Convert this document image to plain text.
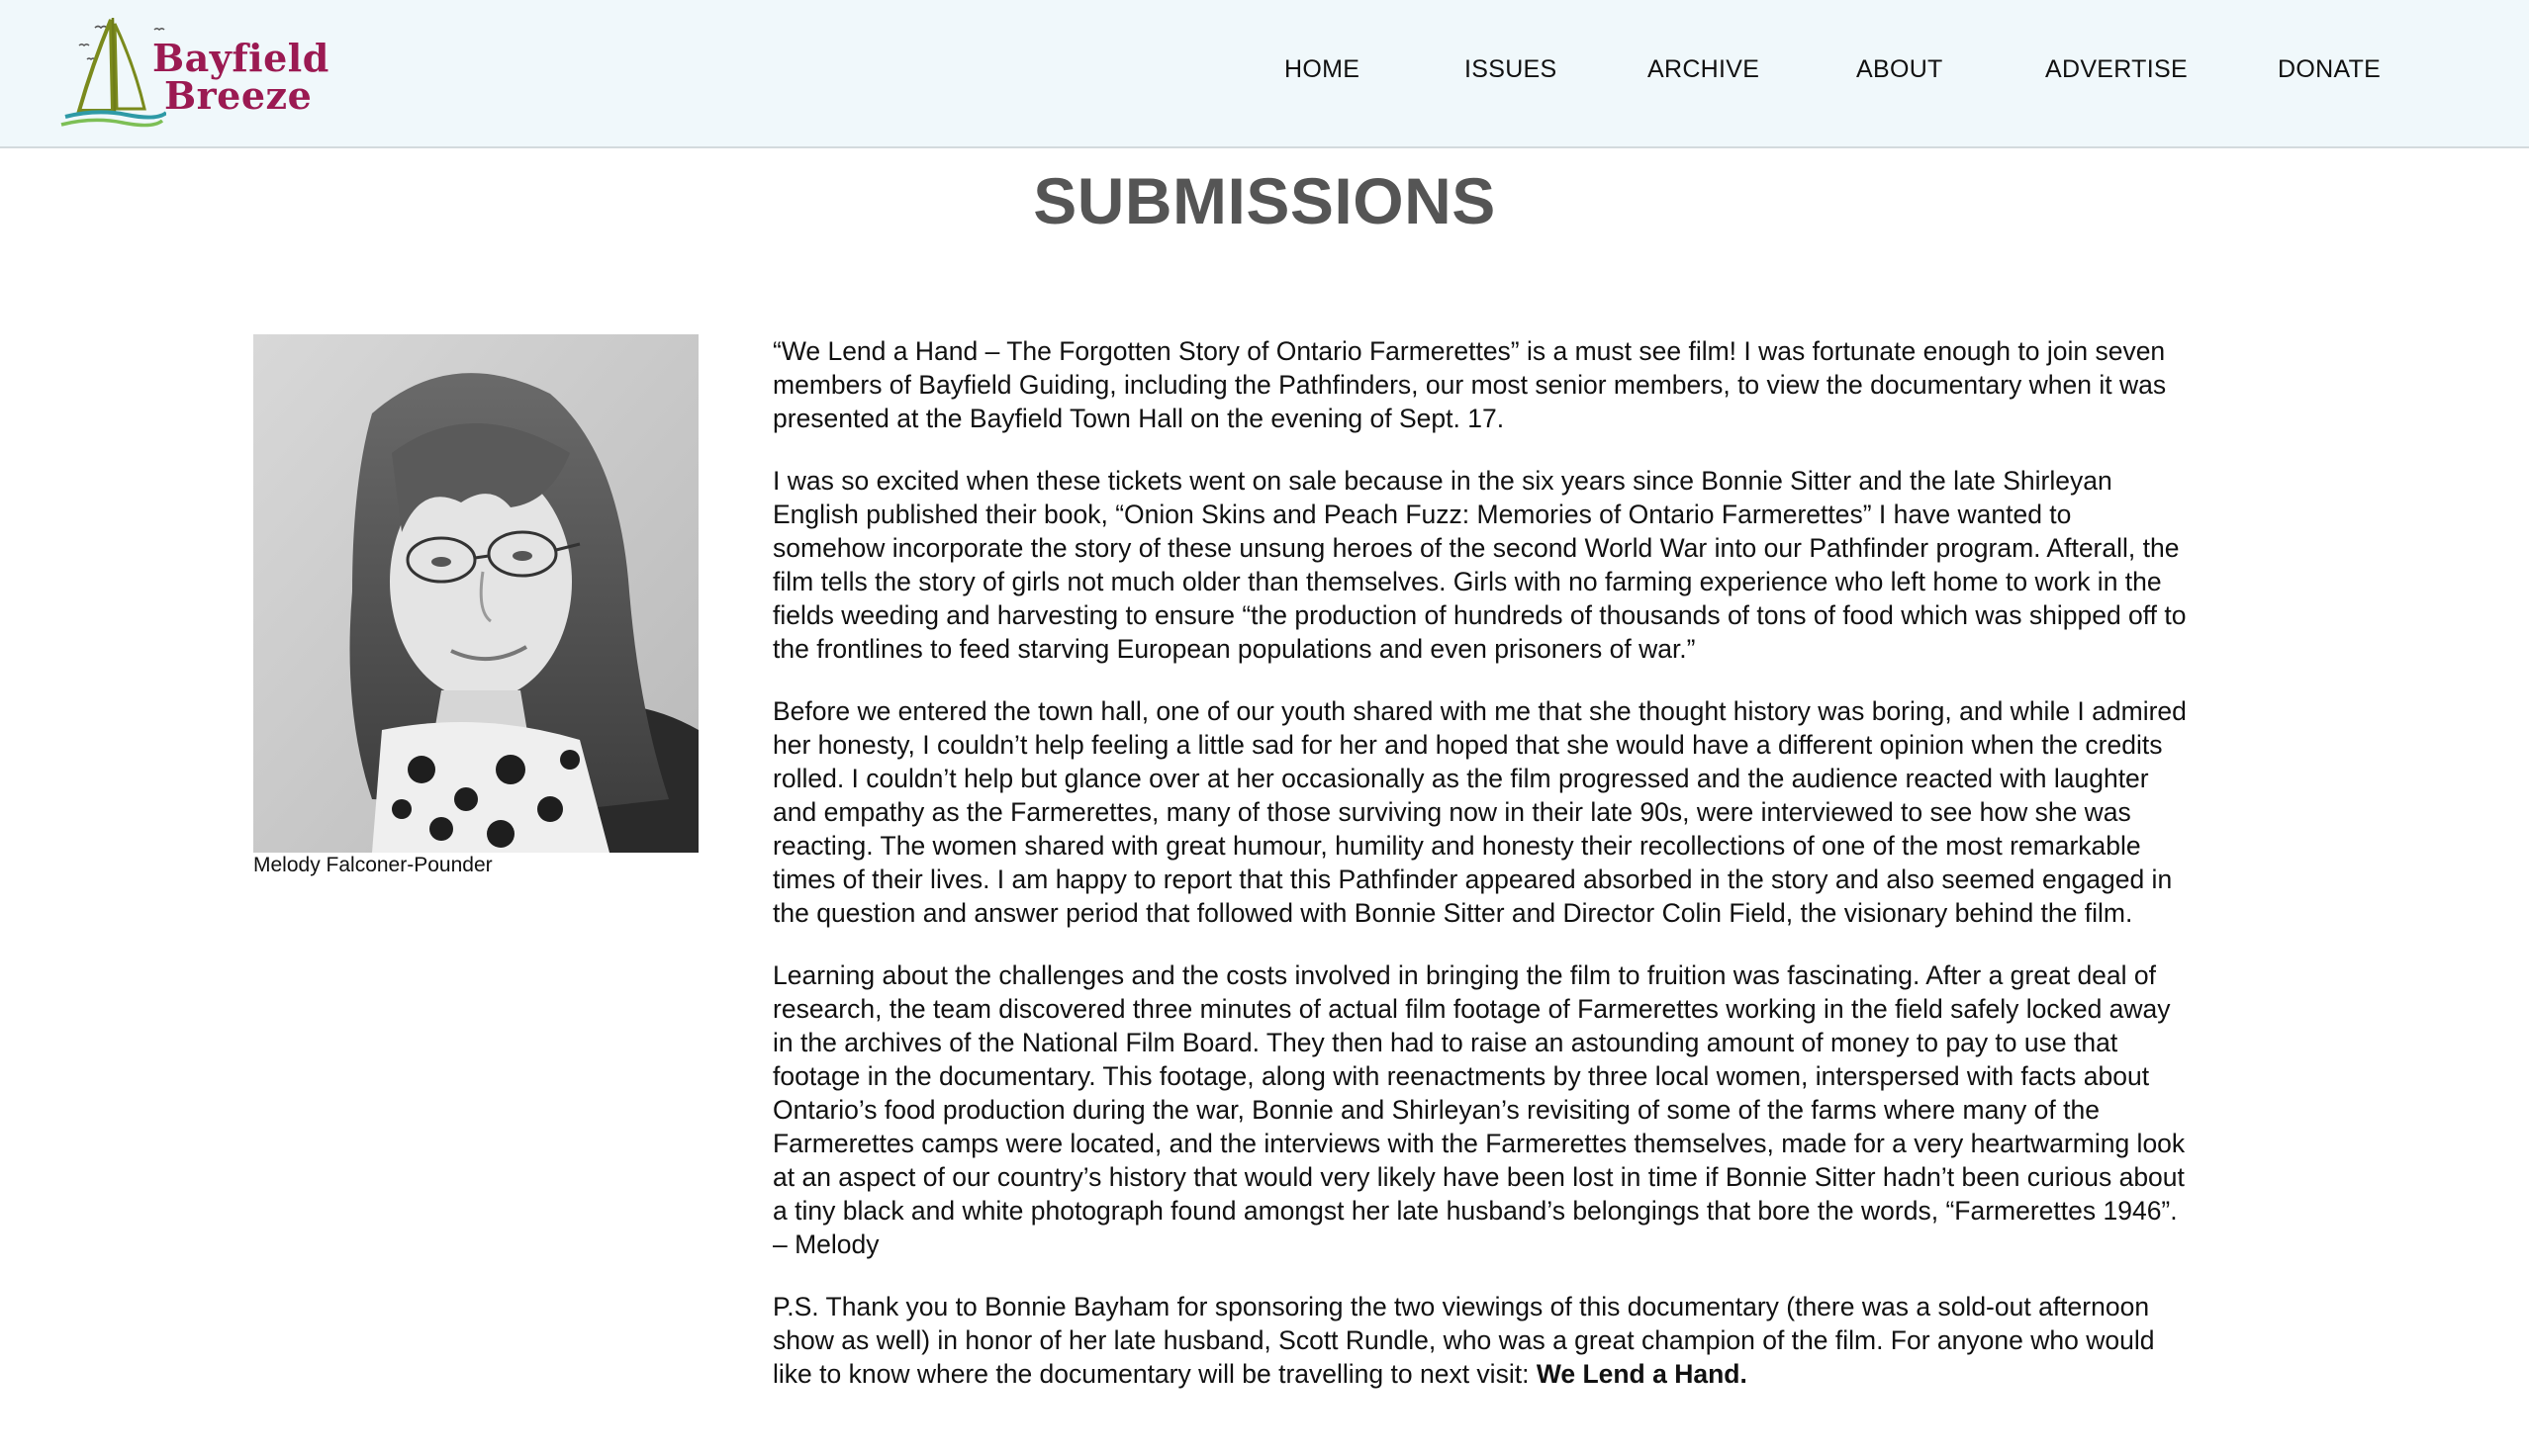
Bayfield
Breeze
HOME	ISSUES	ARCHIVE	ABOUT	ADVERTISE	DONATE
SUBMISSIONS
Melody Falconer-Pounder

“We Lend a Hand – The Forgotten Story of Ontario Farmerettes” is a must see film! I was fortunate enough to join seven members of Bayfield Guiding, including the Pathfinders, our most senior members, to view the documentary when it was presented at the Bayfield Town Hall on the evening of Sept. 17.

I was so excited when these tickets went on sale because in the six years since Bonnie Sitter and the late Shirleyan English published their book, “Onion Skins and Peach Fuzz: Memories of Ontario Farmerettes” I have wanted to somehow incorporate the story of these unsung heroes of the second World War into our Pathfinder program. Afterall, the film tells the story of girls not much older than themselves. Girls with no farming experience who left home to work in the fields weeding and harvesting to ensure “the production of hundreds of thousands of tons of food which was shipped off to the frontlines to feed starving European populations and even prisoners of war.”

Before we entered the town hall, one of our youth shared with me that she thought history was boring, and while I admired her honesty, I couldn’t help feeling a little sad for her and hoped that she would have a different opinion when the credits rolled. I couldn’t help but glance over at her occasionally as the film progressed and the audience reacted with laughter and empathy as the Farmerettes, many of those surviving now in their late 90s, were interviewed to see how she was reacting. The women shared with great humour, humility and honesty their recollections of one of the most remarkable times of their lives. I am happy to report that this Pathfinder appeared absorbed in the story and also seemed engaged in the question and answer period that followed with Bonnie Sitter and Director Colin Field, the visionary behind the film.

Learning about the challenges and the costs involved in bringing the film to fruition was fascinating. After a great deal of research, the team discovered three minutes of actual film footage of Farmerettes working in the field safely locked away in the archives of the National Film Board. They then had to raise an astounding amount of money to pay to use that footage in the documentary. This footage, along with reenactments by three local women, interspersed with facts about Ontario’s food production during the war, Bonnie and Shirleyan’s revisiting of some of the farms where many of the Farmerettes camps were located, and the interviews with the Farmerettes themselves, made for a very heartwarming look at an aspect of our country’s history that would very likely have been lost in time if Bonnie Sitter hadn’t been curious about a tiny black and white photograph found amongst her late husband’s belongings that bore the words, “Farmerettes 1946”. – Melody

P.S. Thank you to Bonnie Bayham for sponsoring the two viewings of this documentary (there was a sold-out afternoon show as well) in honor of her late husband, Scott Rundle, who was a great champion of the film. For anyone who would like to know where the documentary will be travelling to next visit: We Lend a Hand.
